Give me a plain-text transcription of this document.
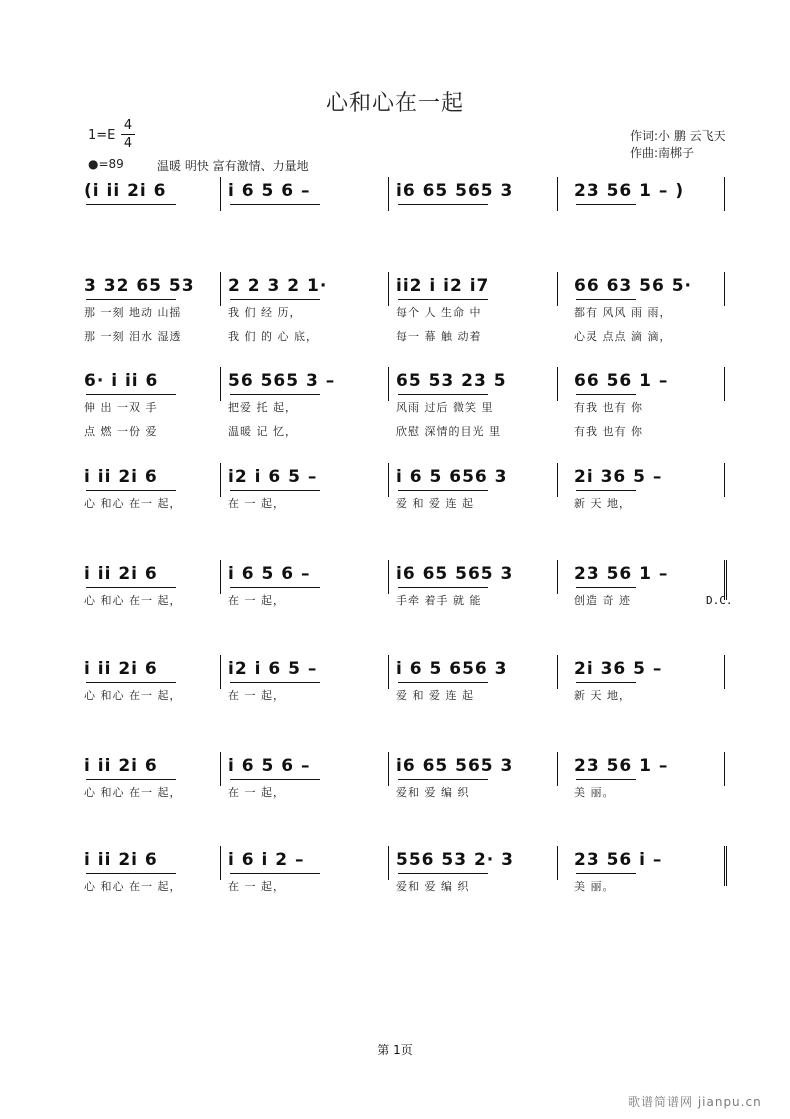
心和心在一起
1=E
4
4
●=89	温暖 明快 富有激情、力量地
作词:小 鹏 云飞天
作曲:南梆子
(i ii 2i 6	i 6 5 6 –	i6 65 565 3	23 56 1 – )
3 32 65 53 2 2 3 2 1·	ii2 i i2 i7	66 63 56 5·
那 一刻 地动 山摇	我 们 经 历，	每个 人 生命 中	都有 风风 雨 雨，
那 一刻 泪水 湿透	我 们 的 心 底，	每一 幕 触 动着	心灵 点点 滴 滴，
6· i ii 6	56 565 3 –	65 53 23 5	66 56 1 –
伸 出 一双 手	把爱 托 起，	风雨 过后 微笑 里	有我 也有 你
点 燃 一份 爱	温暖 记 忆，	欣慰 深情的目光 里	有我 也有 你
i ii 2i 6	i2 i 6 5 –	i 6 5 656 3	2i 36 5 –
心 和心 在一 起，	在 一 起，	爱 和 爱 连 起	新 天 地，
i ii 2i 6	i 6 5 6 –	i6 65 565 3	23 56 1 –
心 和心 在一 起，	在 一 起，	手牵 着手 就 能	创造 奇 迹	D.C.
i ii 2i 6	i2 i 6 5 –	i 6 5 656 3	2i 36 5 –
心 和心 在一 起，	在 一 起，	爱 和 爱 连 起	新 天 地，
i ii 2i 6	i 6 5 6 –	i6 65 565 3	23 56 1 –
心 和心 在一 起，	在 一 起，	爱和 爱 编 织	美 丽。
i ii 2i 6	i 6 i 2 –	556 53 2· 3	23 56 i –
心 和心 在一 起，	在 一 起，	爱和 爱 编 织	美 丽。
第 1页
歌谱简谱网 jianpu.cn
